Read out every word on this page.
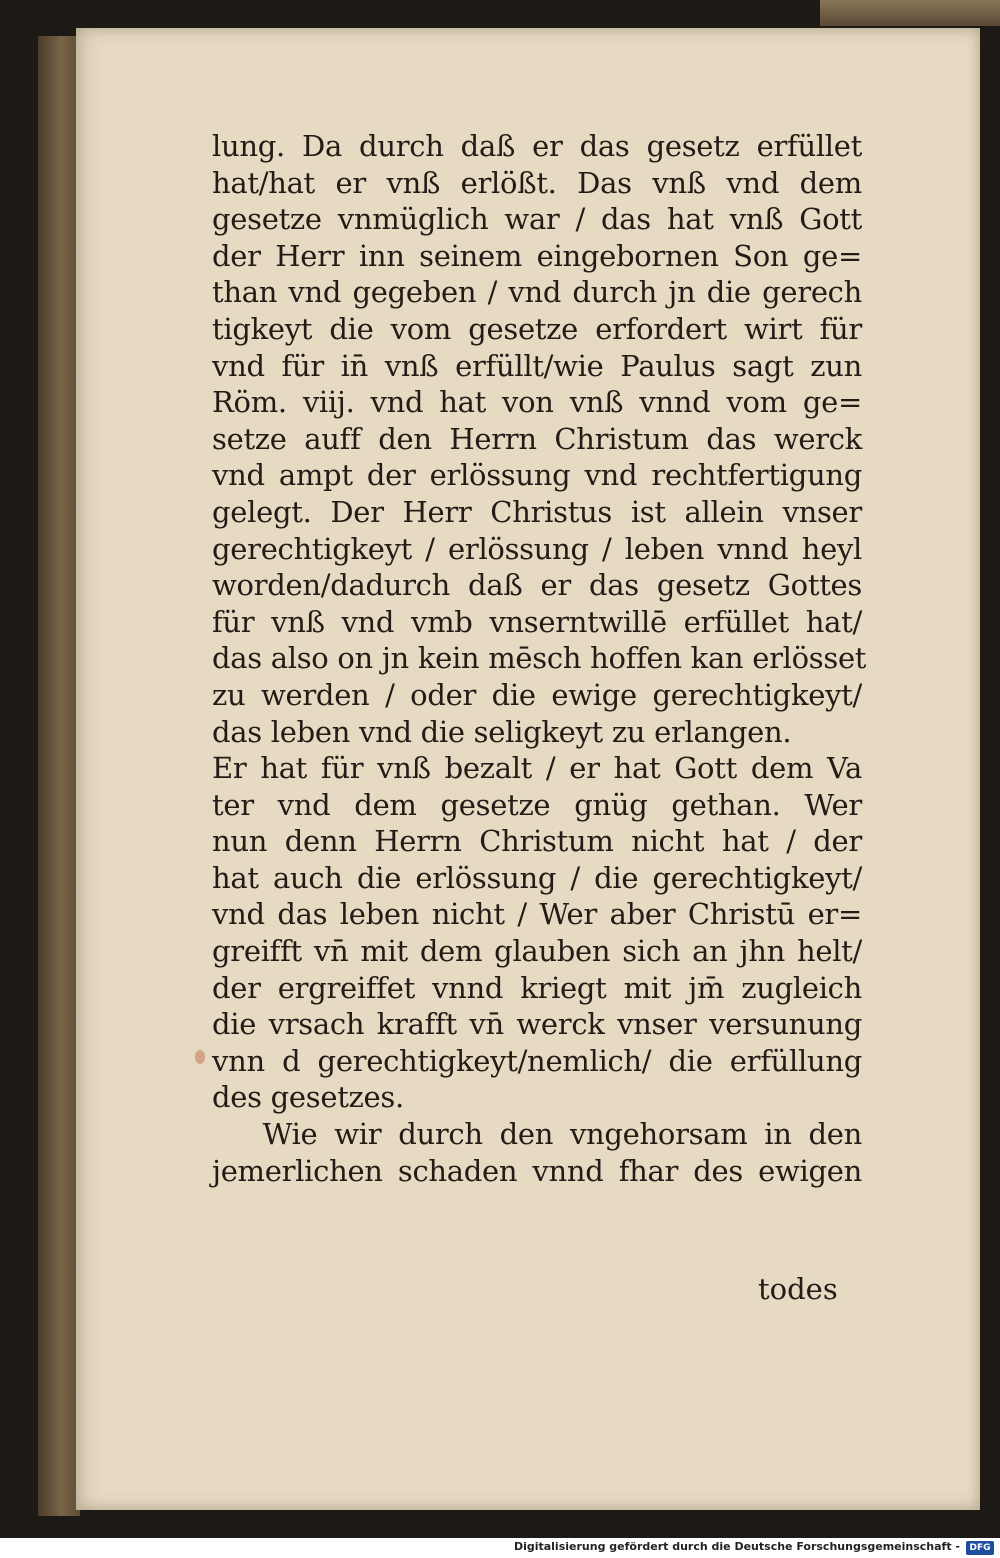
lung. Da durch daß er das gesetz erfüllet
hat/hat er vnß erlößt. Das vnß vnd dem
gesetze vnmüglich war / das hat vnß Gott
der Herr inn seinem eingebornen Son ge=
than vnd gegeben / vnd durch jn die gerech
tigkeyt die vom gesetze erfordert wirt für
vnd für in̄ vnß erfüllt/wie Paulus sagt zun
Röm. viij. vnd hat von vnß vnnd vom ge=
setze auff den Herrn Christum das werck
vnd ampt der erlössung vnd rechtfertigung
gelegt. Der Herr Christus ist allein vnser
gerechtigkeyt / erlössung / leben vnnd heyl
worden/dadurch daß er das gesetz Gottes
für vnß vnd vmb vnserntwillē erfüllet hat/
das also on jn kein mēsch hoffen kan erlösset
zu werden / oder die ewige gerechtigkeyt/
das leben vnd die seligkeyt zu erlangen.
Er hat für vnß bezalt / er hat Gott dem Va
ter vnd dem gesetze gnüg gethan. Wer
nun denn Herrn Christum nicht hat / der
hat auch die erlössung / die gerechtigkeyt/
vnd das leben nicht / Wer aber Christū er=
greifft vn̄ mit dem glauben sich an jhn helt/
der ergreiffet vnnd kriegt mit jm̄ zugleich
die vrsach krafft vn̄ werck vnser versunung
vnn d gerechtigkeyt/nemlich/ die erfüllung
des gesetzes.
Wie wir durch den vngehorsam in den
jemerlichen schaden vnnd fhar des ewigen
todes
Digitalisierung gefördert durch die Deutsche Forschungsgemeinschaft -	DFG
